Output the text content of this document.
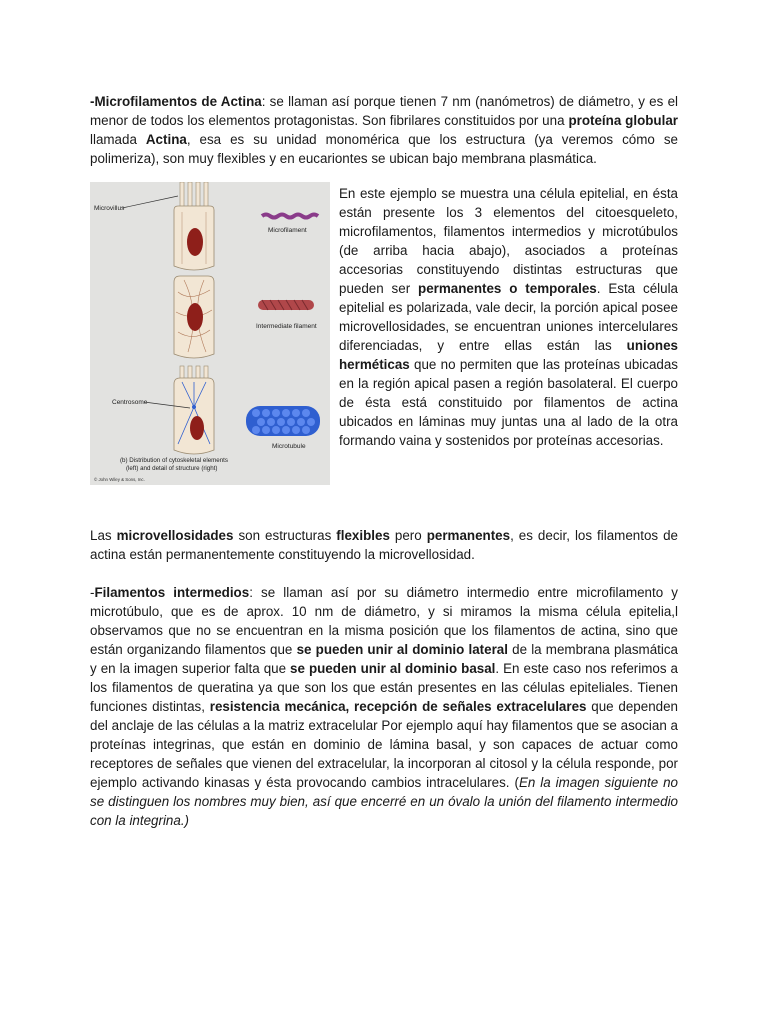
-Microfilamentos de Actina: se llaman así porque tienen 7 nm (nanómetros) de diámetro, y es el menor de todos los elementos protagonistas. Son fibrilares constituidos por una proteína globular llamada Actina, esa es su unidad monomérica que los estructura (ya veremos cómo se polimeriza), son muy flexibles y en eucariontes se ubican bajo membrana plasmática.

Microvillus
Microfilament
Intermediate filament
Centrosome
Microtubule
(b) Distribution of cytoskeletal elements
(left) and detail of structure (right)
© John Wiley & Sons, Inc.

En este ejemplo se muestra una célula epitelial, en ésta están presente los 3 elementos del citoesqueleto, microfilamentos, filamentos intermedios y microtúbulos (de arriba hacia abajo), asociados a proteínas accesorias constituyendo distintas estructuras que pueden ser permanentes o temporales. Esta célula epitelial es polarizada, vale decir, la porción apical posee microvellosidades, se encuentran uniones intercelulares diferenciadas, y entre ellas están las uniones herméticas que no permiten que las proteínas ubicadas en la región apical pasen a región basolateral. El cuerpo de ésta está constituido por filamentos de actina ubicados en láminas muy juntas una al lado de la otra formando vaina y sostenidos por proteínas accesorias.

Las microvellosidades son estructuras flexibles pero permanentes, es decir, los filamentos de actina están permanentemente constituyendo la microvellosidad.

-Filamentos intermedios: se llaman así por su diámetro intermedio entre microfilamento y microtúbulo, que es de aprox. 10 nm de diámetro, y si miramos la misma célula epitelia,l observamos que no se encuentran en la misma posición que los filamentos de actina, sino que están organizando filamentos que se pueden unir al dominio lateral de la membrana plasmática y en la imagen superior falta que se pueden unir al dominio basal. En este caso nos referimos a los filamentos de queratina ya que son los que están presentes en las células epiteliales. Tienen funciones distintas, resistencia mecánica, recepción de señales extracelulares que dependen del anclaje de las células a la matriz extracelular Por ejemplo aquí hay filamentos que se asocian a proteínas integrinas, que están en dominio de lámina basal, y son capaces de actuar como receptores de señales que vienen del extracelular, la incorporan al citosol y la célula responde, por ejemplo activando kinasas y ésta provocando cambios intracelulares. (En la imagen siguiente no se distinguen los nombres muy bien, así que encerré en un óvalo la unión del filamento intermedio con la integrina.)
